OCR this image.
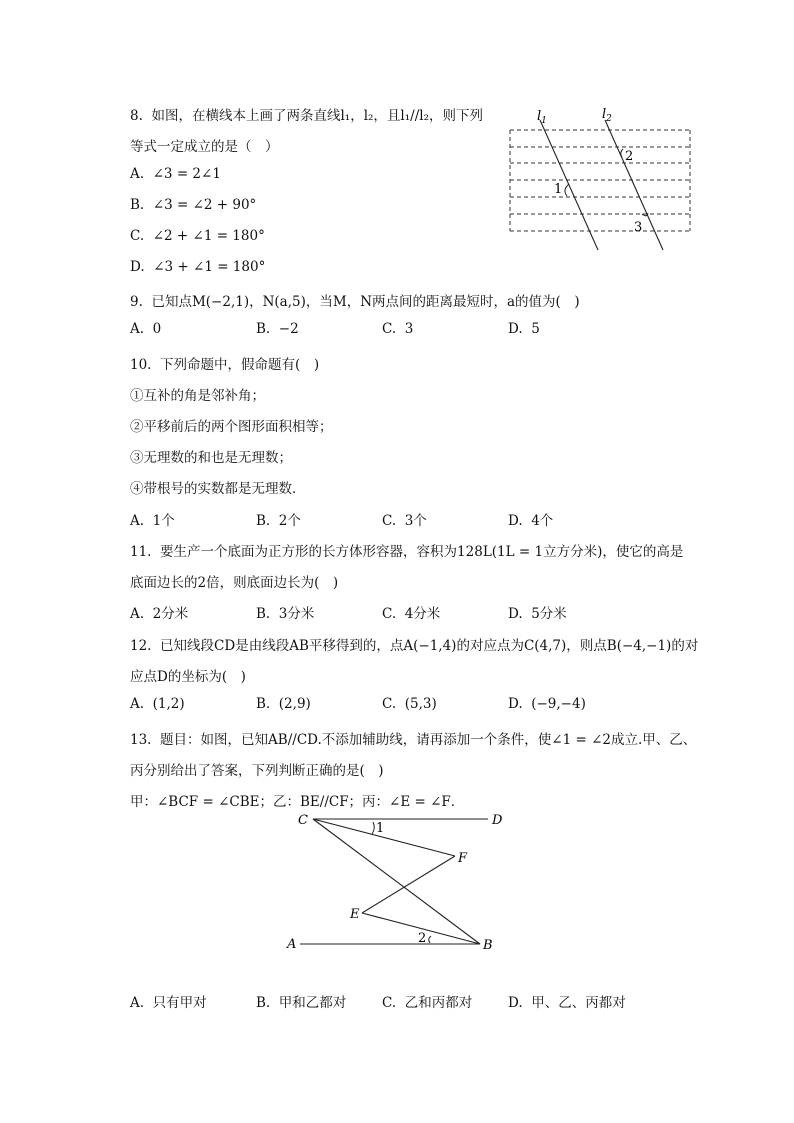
8.  如图，在横线本上画了两条直线l₁，l₂，且l₁//l₂，则下列
等式一定成立的是（　）
A.  ∠3 = 2∠1
B.  ∠3 = ∠2 + 90°
C.  ∠2 + ∠1 = 180°
D.  ∠3 + ∠1 = 180°
$l_1$	$l_2$
2
1
3
9.  已知点M(−2,1)，N(a,5)，当M，N两点间的距离最短时，a的值为(　)
A.  0	B.  −2	C.  3	D.  5
10.  下列命题中，假命题有(　)
①互补的角是邻补角；
②平移前后的两个图形面积相等；
③无理数的和也是无理数；
④带根号的实数都是无理数．
A.  1个	B.  2个	C.  3个	D.  4个
11.  要生产一个底面为正方形的长方体形容器，容积为128L(1L = 1立方分米)，使它的高是
底面边长的2倍，则底面边长为(　)
A.  2分米	B.  3分米	C.  4分米	D.  5分米
12.  已知线段CD是由线段AB平移得到的，点A(−1,4)的对应点为C(4,7)，则点B(−4,−1)的对
应点D的坐标为(　)
A.  (1,2)	B.  (2,9)	C.  (5,3)	D.  (−9,−4)
13.  题目：如图，已知AB//CD.不添加辅助线，请再添加一个条件，使∠1 = ∠2成立.甲、乙、
丙分别给出了答案，下列判断正确的是(　)
甲：∠BCF = ∠CBE；乙：BE//CF；丙：∠E = ∠F．
C	D
F
E
A	B
1
2
A.  只有甲对	B.  甲和乙都对	C.  乙和丙都对	D.  甲、乙、丙都对
